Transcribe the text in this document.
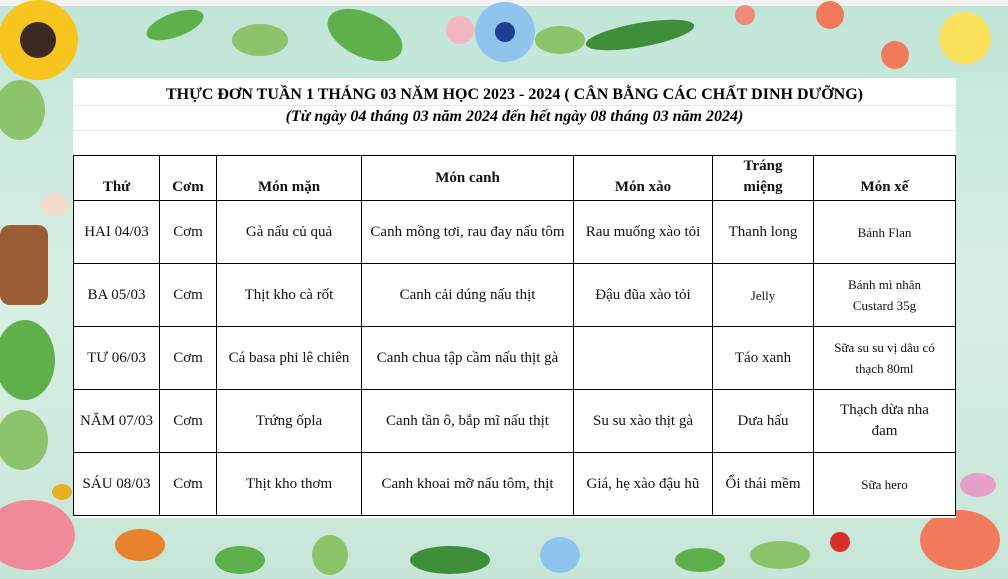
THỰC ĐƠN TUẦN 1 THÁNG 03 NĂM HỌC 2023 - 2024 ( CÂN BẰNG CÁC CHẤT DINH DƯỠNG)
(Từ ngày 04 tháng 03 năm 2024 đến hết ngày 08 tháng 03 năm 2024)
Thứ	Cơm	Món mặn	Món canh	Món xào	Tráng miệng	Món xế
HAI 04/03	Cơm	Gà nấu củ quả	Canh mồng tơi, rau đay nấu tôm	Rau muống xào tỏi	Thanh long	Bánh Flan
BA 05/03	Cơm	Thịt kho cà rốt	Canh cải dúng nấu thịt	Đậu đũa xào tỏi	Jelly	Bánh mì nhân Custard 35g
TƯ 06/03	Cơm	Cá basa phi lê chiên	Canh chua tập cầm nấu thịt gà		Táo xanh	Sữa su su vị dâu có thạch 80ml
NĂM 07/03	Cơm	Trứng ốpla	Canh tần ô, bắp mĩ nấu thịt	Su su xào thịt gà	Dưa hấu	Thạch dừa nha đam
SÁU 08/03	Cơm	Thịt kho thơm	Canh khoai mỡ nấu tôm, thịt	Giá, hẹ xào đậu hũ	Ổi thái mềm	Sữa hero
